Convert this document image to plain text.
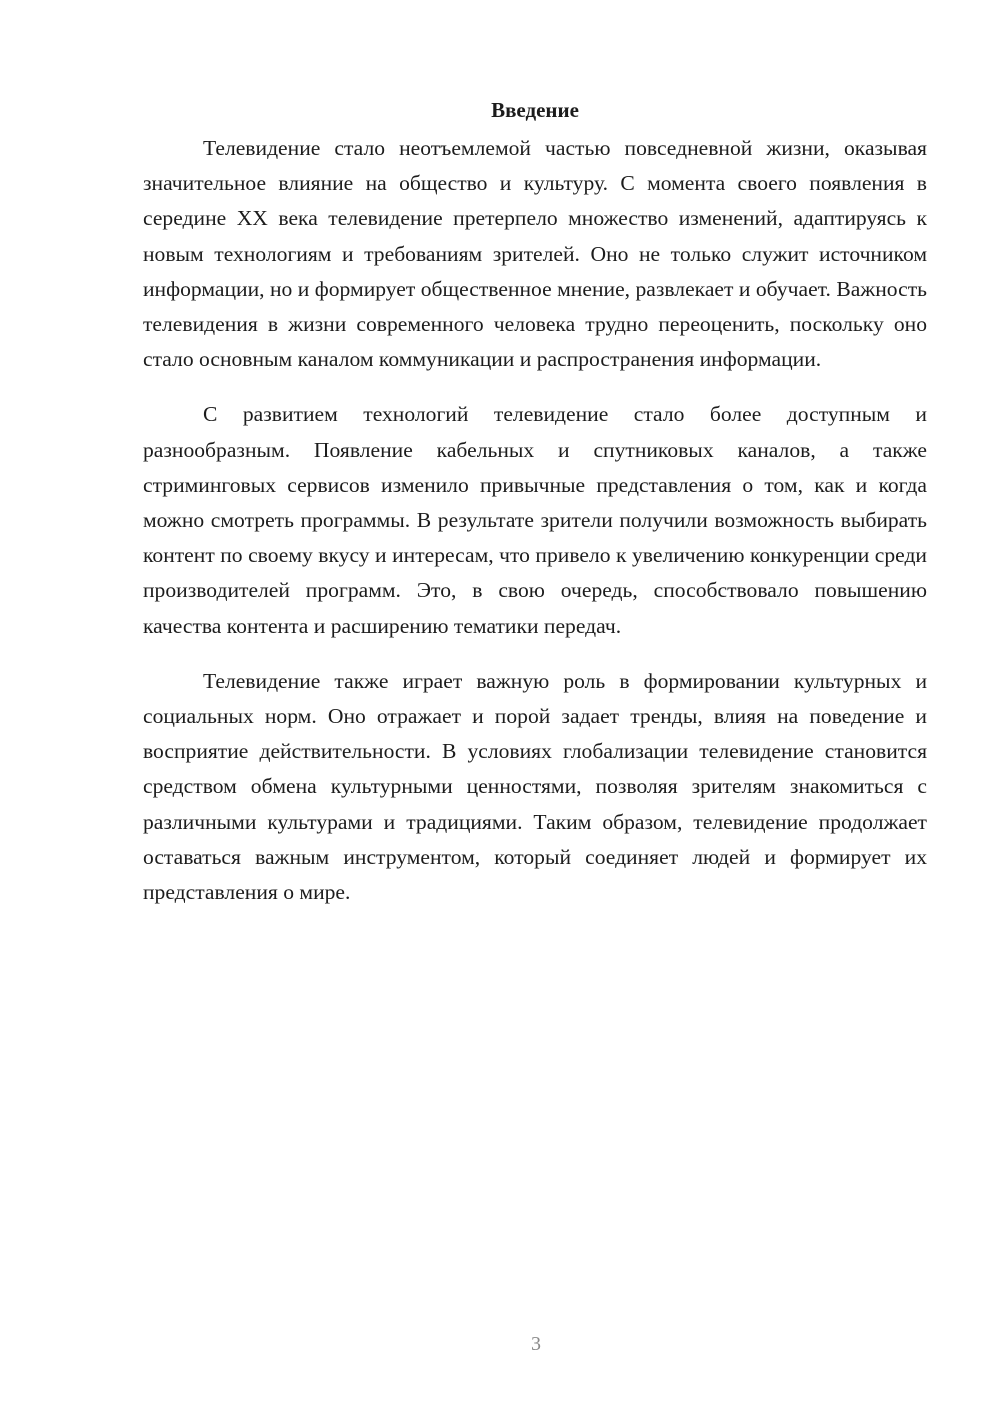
Введение

Телевидение стало неотъемлемой частью повседневной жизни, оказывая значительное влияние на общество и культуру. С момента своего появления в середине XX века телевидение претерпело множество изменений, адаптируясь к новым технологиям и требованиям зрителей. Оно не только служит источником информации, но и формирует общественное мнение, развлекает и обучает. Важность телевидения в жизни современного человека трудно переоценить, поскольку оно стало основным каналом коммуникации и распространения информации.

С развитием технологий телевидение стало более доступным и разнообразным. Появление кабельных и спутниковых каналов, а также стриминговых сервисов изменило привычные представления о том, как и когда можно смотреть программы. В результате зрители получили возможность выбирать контент по своему вкусу и интересам, что привело к увеличению конкуренции среди производителей программ. Это, в свою очередь, способствовало повышению качества контента и расширению тематики передач.

Телевидение также играет важную роль в формировании культурных и социальных норм. Оно отражает и порой задает тренды, влияя на поведение и восприятие действительности. В условиях глобализации телевидение становится средством обмена культурными ценностями, позволяя зрителям знакомиться с различными культурами и традициями. Таким образом, телевидение продолжает оставаться важным инструментом, который соединяет людей и формирует их представления о мире.

3
